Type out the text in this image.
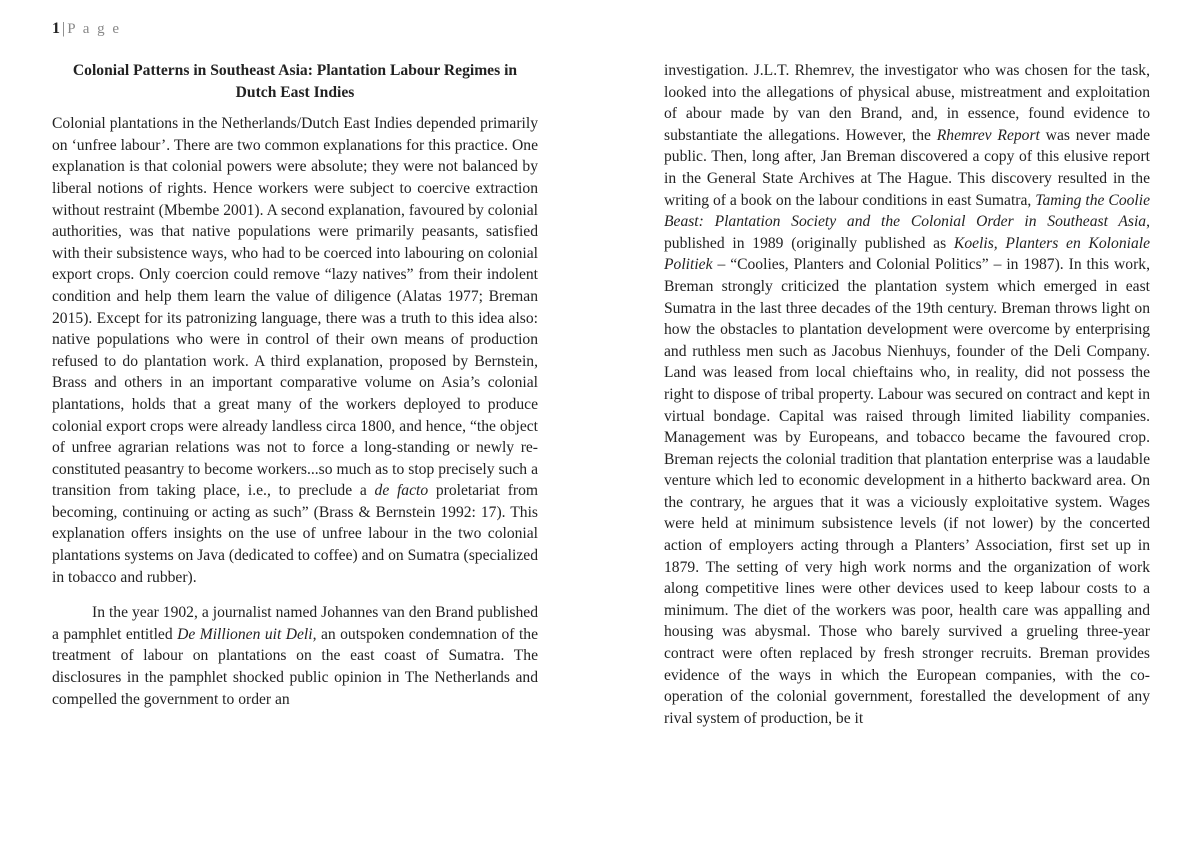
1 | P a g e
Colonial Patterns in Southeast Asia: Plantation Labour Regimes in Dutch East Indies

Colonial plantations in the Netherlands/Dutch East Indies depended primarily on ‘unfree labour’. There are two common explanations for this practice. One explanation is that colonial powers were absolute; they were not balanced by liberal notions of rights. Hence workers were subject to coercive extraction without restraint (Mbembe 2001). A second explanation, favoured by colonial authorities, was that native populations were primarily peasants, satisfied with their subsistence ways, who had to be coerced into labouring on colonial export crops. Only coercion could remove “lazy natives” from their indolent condition and help them learn the value of diligence (Alatas 1977; Breman 2015). Except for its patronizing language, there was a truth to this idea also: native populations who were in control of their own means of production refused to do plantation work. A third explanation, proposed by Bernstein, Brass and others in an important comparative volume on Asia’s colonial plantations, holds that a great many of the workers deployed to produce colonial export crops were already landless circa 1800, and hence, “the object of unfree agrarian relations was not to force a long-standing or newly re-constituted peasantry to become workers...so much as to stop precisely such a transition from taking place, i.e., to preclude a de facto proletariat from becoming, continuing or acting as such” (Brass & Bernstein 1992: 17). This explanation offers insights on the use of unfree labour in the two colonial plantations systems on Java (dedicated to coffee) and on Sumatra (specialized in tobacco and rubber).

In the year 1902, a journalist named Johannes van den Brand published a pamphlet entitled De Millionen uit Deli, an outspoken condemnation of the treatment of labour on plantations on the east coast of Sumatra. The disclosures in the pamphlet shocked public opinion in The Netherlands and compelled the government to order an

investigation. J.L.T. Rhemrev, the investigator who was chosen for the task, looked into the allegations of physical abuse, mistreatment and exploitation of abour made by van den Brand, and, in essence, found evidence to substantiate the allegations. However, the Rhemrev Report was never made public. Then, long after, Jan Breman discovered a copy of this elusive report in the General State Archives at The Hague. This discovery resulted in the writing of a book on the labour conditions in east Sumatra, Taming the Coolie Beast: Plantation Society and the Colonial Order in Southeast Asia, published in 1989 (originally published as Koelis, Planters en Koloniale Politiek – “Coolies, Planters and Colonial Politics” – in 1987). In this work, Breman strongly criticized the plantation system which emerged in east Sumatra in the last three decades of the 19th century. Breman throws light on how the obstacles to plantation development were overcome by enterprising and ruthless men such as Jacobus Nienhuys, founder of the Deli Company. Land was leased from local chieftains who, in reality, did not possess the right to dispose of tribal property. Labour was secured on contract and kept in virtual bondage. Capital was raised through limited liability companies. Management was by Europeans, and tobacco became the favoured crop. Breman rejects the colonial tradition that plantation enterprise was a laudable venture which led to economic development in a hitherto backward area. On the contrary, he argues that it was a viciously exploitative system. Wages were held at minimum subsistence levels (if not lower) by the concerted action of employers acting through a Planters’ Association, first set up in 1879. The setting of very high work norms and the organization of work along competitive lines were other devices used to keep labour costs to a minimum. The diet of the workers was poor, health care was appalling and housing was abysmal. Those who barely survived a grueling three-year contract were often replaced by fresh stronger recruits. Breman provides evidence of the ways in which the European companies, with the co-operation of the colonial government, forestalled the development of any rival system of production, be it
